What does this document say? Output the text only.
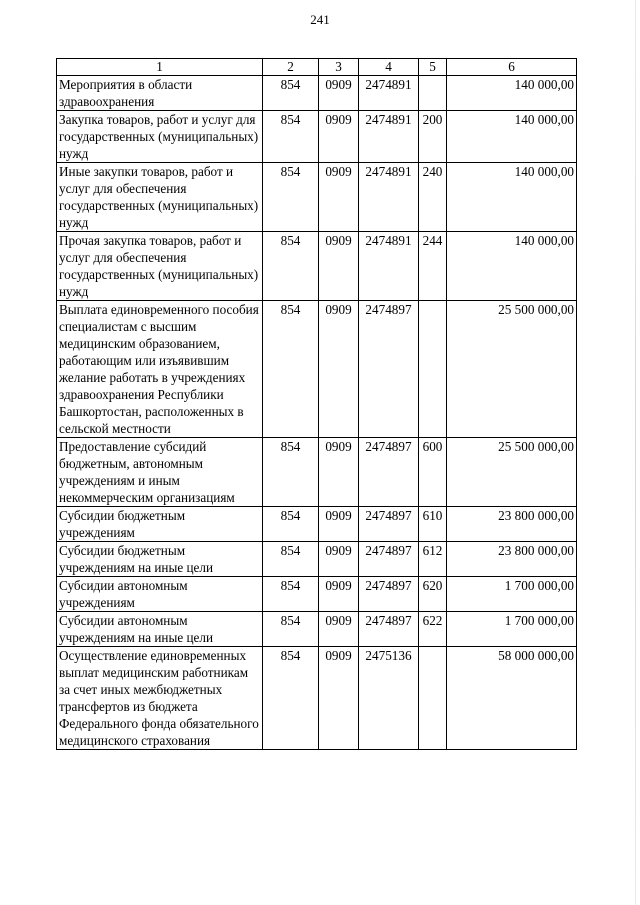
241
1	2	3	4	5	6
Мероприятия в области здравоохранения	854	0909	2474891		140 000,00
Закупка товаров, работ и услуг для государственных (муниципальных) нужд	854	0909	2474891	200	140 000,00
Иные закупки товаров, работ и услуг для обеспечения государственных (муниципальных) нужд	854	0909	2474891	240	140 000,00
Прочая закупка товаров, работ и услуг для обеспечения государственных (муниципальных) нужд	854	0909	2474891	244	140 000,00
Выплата единовременного пособия специалистам с высшим медицинским образованием, работающим или изъявившим желание работать в учреждениях здравоохранения Республики Башкортостан, расположенных в сельской местности	854	0909	2474897		25 500 000,00
Предоставление субсидий бюджетным, автономным учреждениям и иным некоммерческим организациям	854	0909	2474897	600	25 500 000,00
Субсидии бюджетным учреждениям	854	0909	2474897	610	23 800 000,00
Субсидии бюджетным учреждениям на иные цели	854	0909	2474897	612	23 800 000,00
Субсидии автономным учреждениям	854	0909	2474897	620	1 700 000,00
Субсидии автономным учреждениям на иные цели	854	0909	2474897	622	1 700 000,00
Осуществление единовременных выплат медицинским работникам за счет иных межбюджетных трансфертов из бюджета Федерального фонда обязательного медицинского страхования	854	0909	2475136		58 000 000,00
